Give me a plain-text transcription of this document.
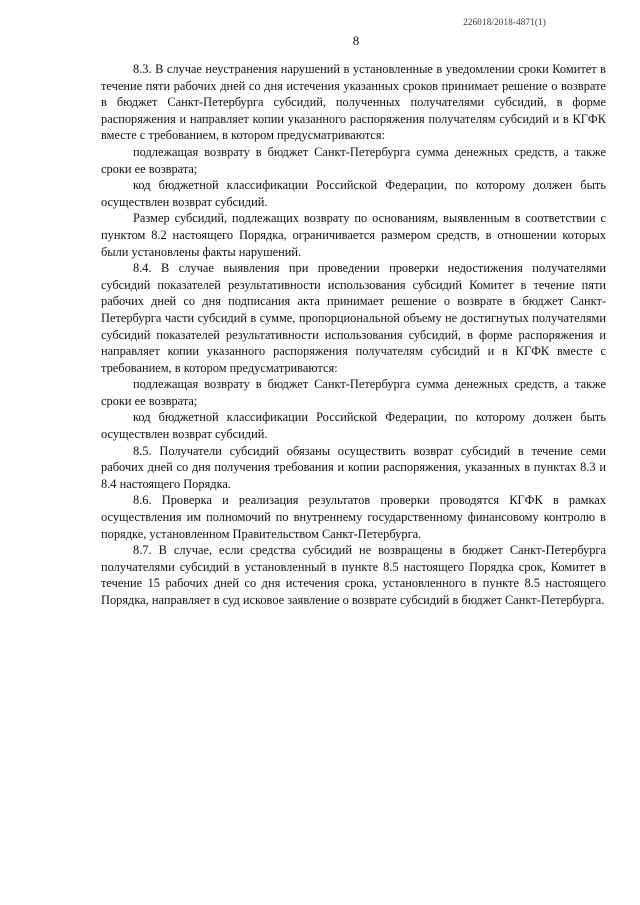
226018/2018-4871(1)
8

8.3. В случае неустранения нарушений в установленные в уведомлении сроки Комитет в течение пяти рабочих дней со дня истечения указанных сроков принимает решение о возврате в бюджет Санкт-Петербурга субсидий, полученных получателями субсидий, в форме распоряжения и направляет копии указанного распоряжения получателям субсидий и в КГФК вместе с требованием, в котором предусматриваются:

подлежащая возврату в бюджет Санкт-Петербурга сумма денежных средств, а также сроки ее возврата;

код бюджетной классификации Российской Федерации, по которому должен быть осуществлен возврат субсидий.

Размер субсидий, подлежащих возврату по основаниям, выявленным в соответствии с пунктом 8.2 настоящего Порядка, ограничивается размером средств, в отношении которых были установлены факты нарушений.

8.4. В случае выявления при проведении проверки недостижения получателями субсидий показателей результативности использования субсидий Комитет в течение пяти рабочих дней со дня подписания акта принимает решение о возврате в бюджет Санкт-Петербурга части субсидий в сумме, пропорциональной объему не достигнутых получателями субсидий показателей результативности использования субсидий, в форме распоряжения и направляет копии указанного распоряжения получателям субсидий и в КГФК вместе с требованием, в котором предусматриваются:

подлежащая возврату в бюджет Санкт-Петербурга сумма денежных средств, а также сроки ее возврата;

код бюджетной классификации Российской Федерации, по которому должен быть осуществлен возврат субсидий.

8.5. Получатели субсидий обязаны осуществить возврат субсидий в течение семи рабочих дней со дня получения требования и копии распоряжения, указанных в пунктах 8.3 и 8.4 настоящего Порядка.

8.6. Проверка и реализация результатов проверки проводятся КГФК в рамках осуществления им полномочий по внутреннему государственному финансовому контролю в порядке, установленном Правительством Санкт-Петербурга.

8.7. В случае, если средства субсидий не возвращены в бюджет Санкт-Петербурга получателями субсидий в установленный в пункте 8.5 настоящего Порядка срок, Комитет в течение 15 рабочих дней со дня истечения срока, установленного в пункте 8.5 настоящего Порядка, направляет в суд исковое заявление о возврате субсидий в бюджет Санкт-Петербурга.
